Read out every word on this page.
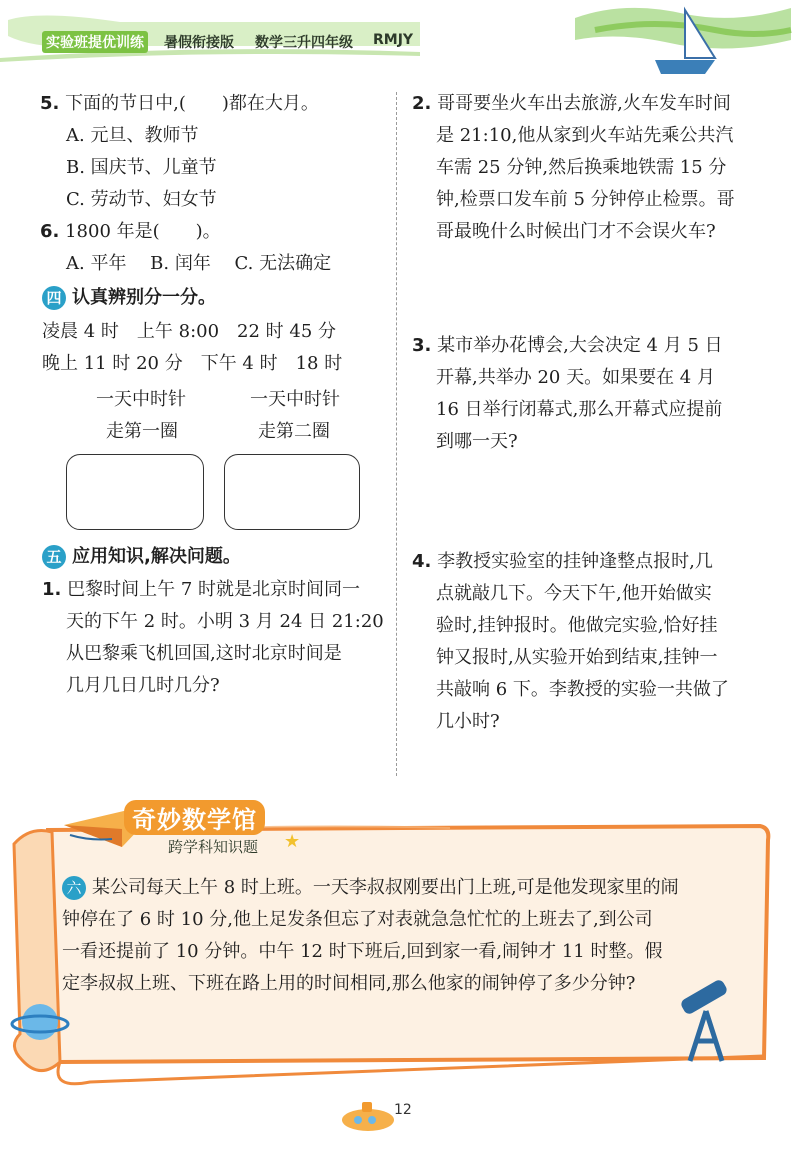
实验班提优训练 暑假衔接版 数学三升四年级 RMJY
5. 下面的节日中,(　　)都在大月。
A. 元旦、教师节
B. 国庆节、儿童节
C. 劳动节、妇女节
6. 1800 年是(　　)。
A. 平年　 B. 闰年　 C. 无法确定
四 认真辨别分一分。
凌晨 4 时　上午 8:00　22 时 45 分
晚上 11 时 20 分　下午 4 时　18 时
一天中时针
走第一圈
一天中时针
走第二圈
五 应用知识,解决问题。
1. 巴黎时间上午 7 时就是北京时间同一
天的下午 2 时。小明 3 月 24 日 21:20
从巴黎乘飞机回国,这时北京时间是
几月几日几时几分?
2. 哥哥要坐火车出去旅游,火车发车时间
是 21:10,他从家到火车站先乘公共汽
车需 25 分钟,然后换乘地铁需 15 分
钟,检票口发车前 5 分钟停止检票。哥
哥最晚什么时候出门才不会误火车?
3. 某市举办花博会,大会决定 4 月 5 日
开幕,共举办 20 天。如果要在 4 月
16 日举行闭幕式,那么开幕式应提前
到哪一天?
4. 李教授实验室的挂钟逢整点报时,几
点就敲几下。今天下午,他开始做实
验时,挂钟报时。他做完实验,恰好挂
钟又报时,从实验开始到结束,挂钟一
共敲响 6 下。李教授的实验一共做了
几小时?
奇妙数学馆
跨学科知识题 ★
六 某公司每天上午 8 时上班。一天李叔叔刚要出门上班,可是他发现家里的闹
钟停在了 6 时 10 分,他上足发条但忘了对表就急急忙忙的上班去了,到公司
一看还提前了 10 分钟。中午 12 时下班后,回到家一看,闹钟才 11 时整。假
定李叔叔上班、下班在路上用的时间相同,那么他家的闹钟停了多少分钟?
12
